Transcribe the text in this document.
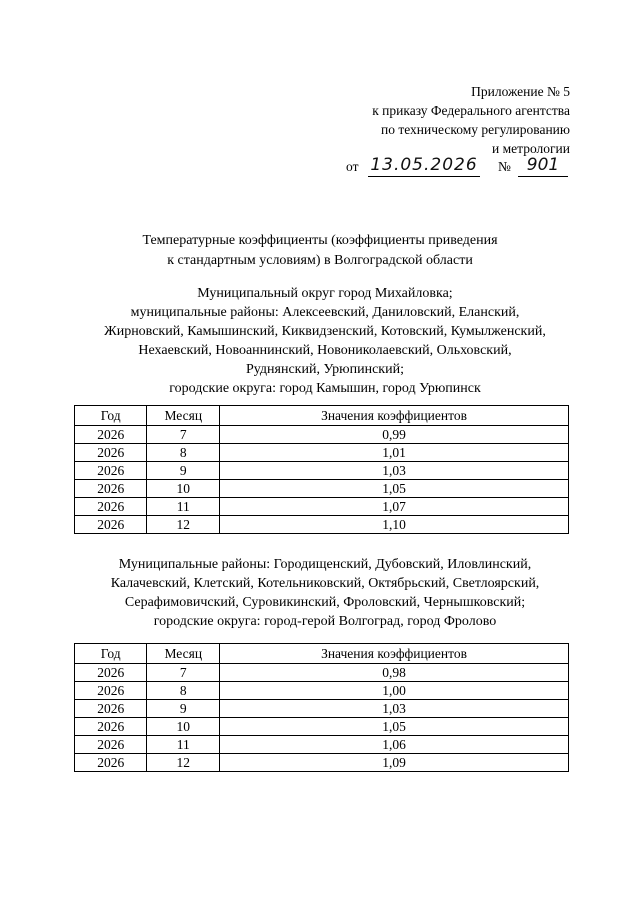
Приложение № 5
к приказу Федерального агентства
по техническому регулированию
и метрологии
от 13.05.2026 № 901
Температурные коэффициенты (коэффициенты приведения
к стандартным условиям) в Волгоградской области
Муниципальный округ город Михайловка;
муниципальные районы: Алексеевский, Даниловский, Еланский,
Жирновский, Камышинский, Киквидзенский, Котовский, Кумылженский,
Нехаевский, Новоаннинский, Новониколаевский, Ольховский,
Руднянский, Урюпинский;
городские округа: город Камышин, город Урюпинск
Год	Месяц	Значения коэффициентов
2026	7	0,99
2026	8	1,01
2026	9	1,03
2026	10	1,05
2026	11	1,07
2026	12	1,10
Муниципальные районы: Городищенский, Дубовский, Иловлинский,
Калачевский, Клетский, Котельниковский, Октябрьский, Светлоярский,
Серафимовичский, Суровикинский, Фроловский, Чернышковский;
городские округа: город-герой Волгоград, город Фролово
Год	Месяц	Значения коэффициентов
2026	7	0,98
2026	8	1,00
2026	9	1,03
2026	10	1,05
2026	11	1,06
2026	12	1,09
